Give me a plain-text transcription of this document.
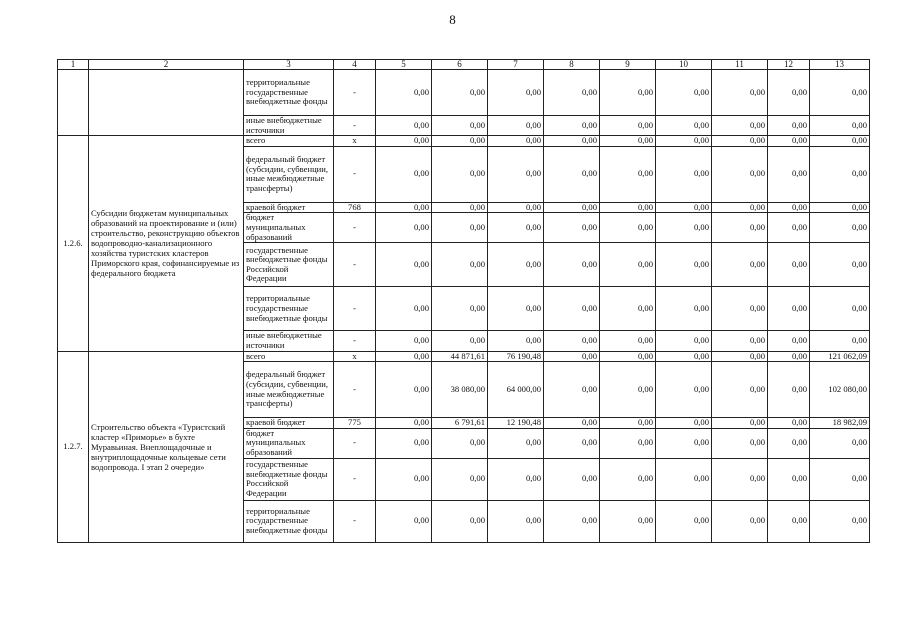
8
1	2	3	4	5	6	7	8	9	10	11	12	13
		территориальные государственные внебюджетные фонды	-	0,00	0,00	0,00	0,00	0,00	0,00	0,00	0,00	0,00
		иные внебюджетные источники	-	0,00	0,00	0,00	0,00	0,00	0,00	0,00	0,00	0,00
1.2.6.	Субсидии бюджетам муниципальных образований на проектирование и (или) строительство, реконструкцию объектов водопроводно-канализационного хозяйства туристских кластеров Приморского края, софинансируемые из федерального бюджета	всего	x	0,00	0,00	0,00	0,00	0,00	0,00	0,00	0,00	0,00
		федеральный бюджет (субсидии, субвенции, иные межбюджетные трансферты)	-	0,00	0,00	0,00	0,00	0,00	0,00	0,00	0,00	0,00
		краевой бюджет	768	0,00	0,00	0,00	0,00	0,00	0,00	0,00	0,00	0,00
		бюджет муниципальных образований	-	0,00	0,00	0,00	0,00	0,00	0,00	0,00	0,00	0,00
		государственные внебюджетные фонды Российской Федерации	-	0,00	0,00	0,00	0,00	0,00	0,00	0,00	0,00	0,00
		территориальные государственные внебюджетные фонды	-	0,00	0,00	0,00	0,00	0,00	0,00	0,00	0,00	0,00
		иные внебюджетные источники	-	0,00	0,00	0,00	0,00	0,00	0,00	0,00	0,00	0,00
1.2.7.	Строительство объекта «Туристский кластер «Приморье» в бухте Муравьиная. Внеплощадочные и внутриплощадочные кольцевые сети водопровода. I этап 2 очереди»	всего	x	0,00	44 871,61	76 190,48	0,00	0,00	0,00	0,00	0,00	121 062,09
		федеральный бюджет (субсидии, субвенции, иные межбюджетные трансферты)	-	0,00	38 080,00	64 000,00	0,00	0,00	0,00	0,00	0,00	102 080,00
		краевой бюджет	775	0,00	6 791,61	12 190,48	0,00	0,00	0,00	0,00	0,00	18 982,09
		бюджет муниципальных образований	-	0,00	0,00	0,00	0,00	0,00	0,00	0,00	0,00	0,00
		государственные внебюджетные фонды Российской Федерации	-	0,00	0,00	0,00	0,00	0,00	0,00	0,00	0,00	0,00
		территориальные государственные внебюджетные фонды	-	0,00	0,00	0,00	0,00	0,00	0,00	0,00	0,00	0,00
